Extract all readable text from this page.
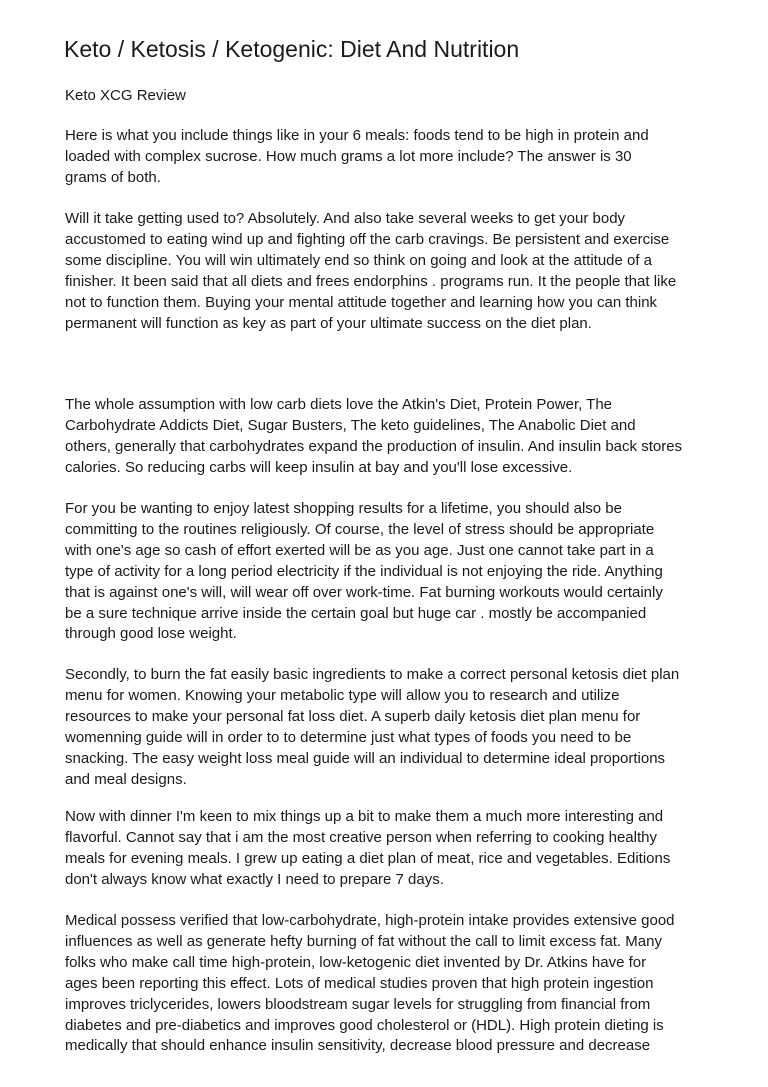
Keto / Ketosis / Ketogenic: Diet And Nutrition

Keto XCG Review

Here is what you include things like in your 6 meals: foods tend to be high in protein and
loaded with complex sucrose. How much grams a lot more include? The answer is 30
grams of both.

Will it take getting used to? Absolutely. And also take several weeks to get your body
accustomed to eating wind up and fighting off the carb cravings. Be persistent and exercise
some discipline. You will win ultimately end so think on going and look at the attitude of a
finisher. It been said that all diets and frees endorphins . programs run. It the people that like
not to function them. Buying your mental attitude together and learning how you can think
permanent will function as key as part of your ultimate success on the diet plan.

The whole assumption with low carb diets love the Atkin's Diet, Protein Power, The
Carbohydrate Addicts Diet, Sugar Busters, The keto guidelines, The Anabolic Diet and
others, generally that carbohydrates expand the production of insulin. And insulin back stores
calories. So reducing carbs will keep insulin at bay and you'll lose excessive.

For you be wanting to enjoy latest shopping results for a lifetime, you should also be
committing to the routines religiously. Of course, the level of stress should be appropriate
with one's age so cash of effort exerted will be as you age. Just one cannot take part in a
type of activity for a long period electricity if the individual is not enjoying the ride. Anything
that is against one's will, will wear off over work-time. Fat burning workouts would certainly
be a sure technique arrive inside the certain goal but huge car . mostly be accompanied
through good lose weight.

Secondly, to burn the fat easily basic ingredients to make a correct personal ketosis diet plan
menu for women. Knowing your metabolic type will allow you to research and utilize
resources to make your personal fat loss diet. A superb daily ketosis diet plan menu for
womenning guide will in order to to determine just what types of foods you need to be
snacking. The easy weight loss meal guide will an individual to determine ideal proportions
and meal designs.

Now with dinner I'm keen to mix things up a bit to make them a much more interesting and
flavorful. Cannot say that i am the most creative person when referring to cooking healthy
meals for evening meals. I grew up eating a diet plan of meat, rice and vegetables. Editions
don't always know what exactly I need to prepare 7 days.

Medical possess verified that low-carbohydrate, high-protein intake provides extensive good
influences as well as generate hefty burning of fat without the call to limit excess fat. Many
folks who make call time high-protein, low-ketogenic diet invented by Dr. Atkins have for
ages been reporting this effect. Lots of medical studies proven that high protein ingestion
improves triclycerides, lowers bloodstream sugar levels for struggling from financial from
diabetes and pre-diabetics and improves good cholesterol or (HDL). High protein dieting is
medically that should enhance insulin sensitivity, decrease blood pressure and decrease
